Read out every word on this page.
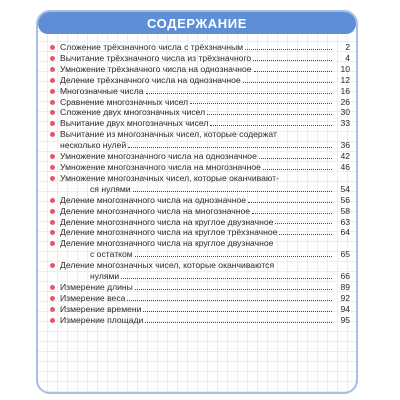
СОДЕРЖАНИЕ
Сложение трёхзначного числа с трёхзначным	2
Вычитание трёхзначного числа из трёхзначного	4
Умножение трёхзначного числа на однозначное	10
Деление трёхзначного числа на однозначное	12
Многозначные числа	16
Сравнение многозначных чисел	26
Сложение двух многозначных чисел	30
Вычитание двух многозначных чисел	33
Вычитание из многозначных чисел, которые содержат
несколько нулей	36
Умножение многозначного числа на однозначное	42
Умножение многозначного числа на многозначное	46
Умножение многозначных чисел, которые оканчивают-
ся нулями	54
Деление многозначного числа на однозначное	56
Деление многозначного числа на многозначное	58
Деление многозначного числа на круглое двузначное	63
Деление многозначного числа на круглое трёхзначное	64
Деление многозначного числа на круглое двузначное
с остатком	65
Деление многозначных чисел, которые оканчиваются
нулями	66
Измерение длины	89
Измерение веса	92
Измерение времени	94
Измерение площади	95
